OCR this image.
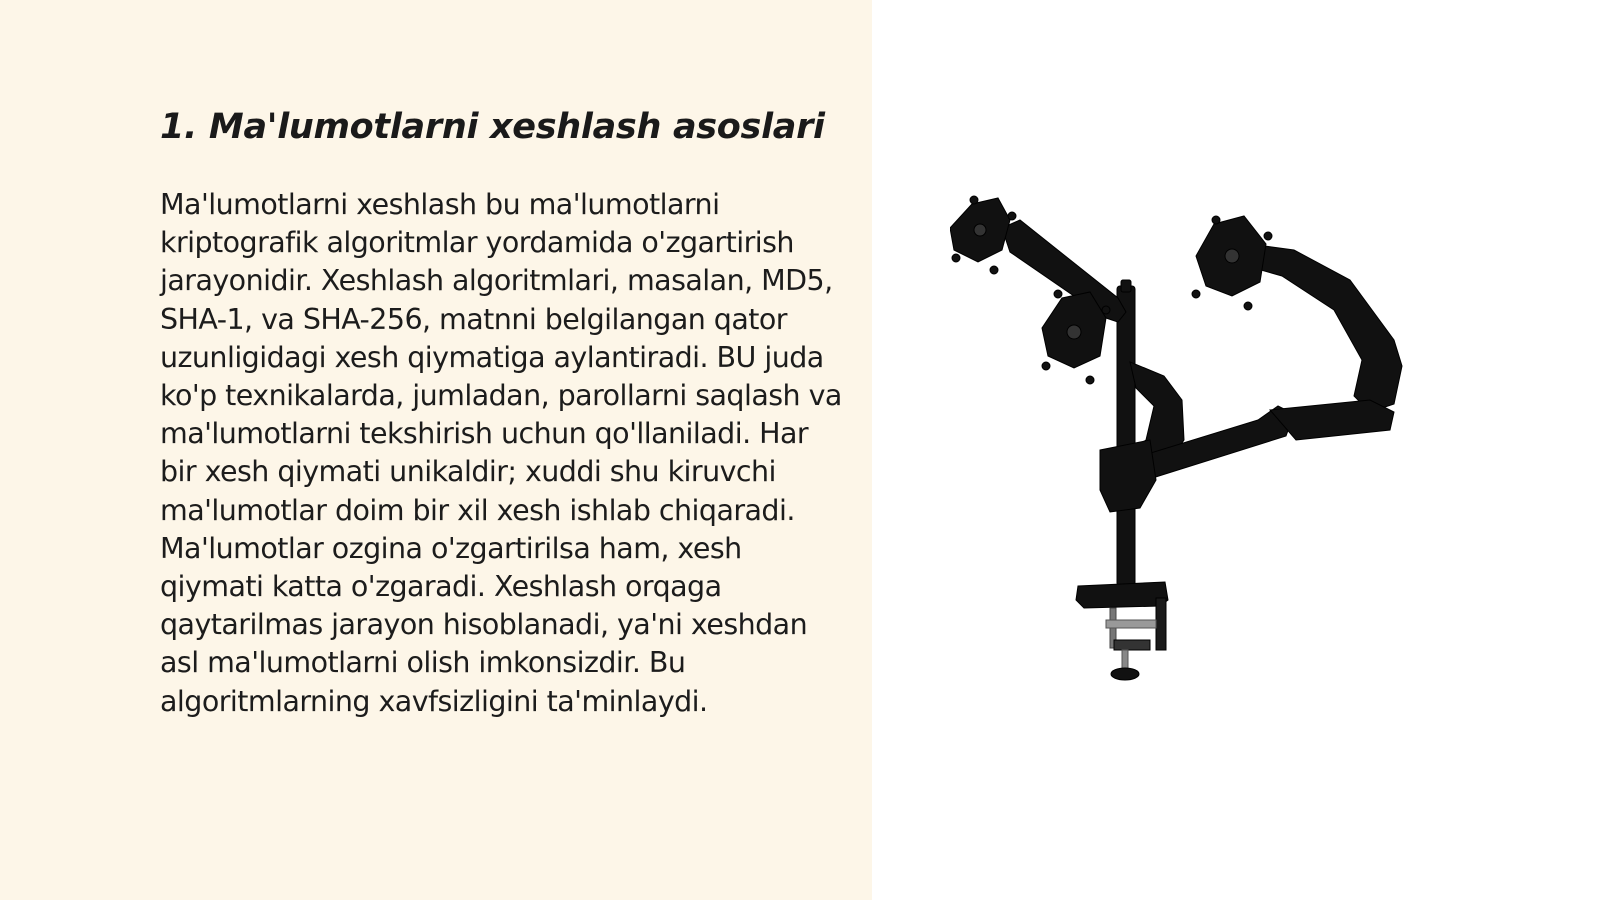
1. Ma'lumotlarni xeshlash asoslari

Ma'lumotlarni xeshlash bu ma'lumotlarni kriptografik algoritmlar yordamida o'zgartirish jarayonidir. Xeshlash algoritmlari, masalan, MD5, SHA-1, va SHA-256, matnni belgilangan qator uzunligidagi xesh qiymatiga aylantiradi. BU juda ko'p texnikalarda, jumladan, parollarni saqlash va ma'lumotlarni tekshirish uchun qo'llaniladi. Har bir xesh qiymati unikaldir; xuddi shu kiruvchi ma'lumotlar doim bir xil xesh ishlab chiqaradi. Ma'lumotlar ozgina o'zgartirilsa ham, xesh qiymati katta o'zgaradi. Xeshlash orqaga qaytarilmas jarayon hisoblanadi, ya'ni xeshdan asl ma'lumotlarni olish imkonsizdir. Bu algoritmlarning xavfsizligini ta'minlaydi.
